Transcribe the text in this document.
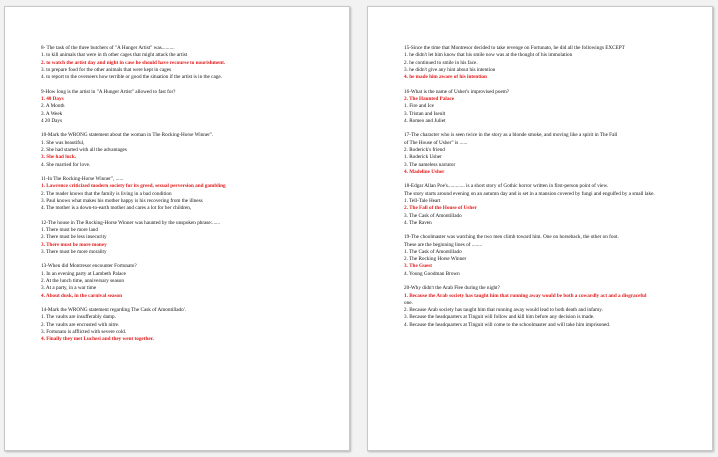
8- The task of the three butchers of "A Hunger Artist" was..........
1. to kill animals that were in th other cages that might attack the artist
2. to watch the artist day and night in case he should have recourse to nourishment.
3. to prepare food for the other animals that were kept in cages
4. to report to the overseers how terrible or good the situation if the artist is in the cage.
9-How long is the artist in "A Hunger Artist" allowed to fast for?
1. 40 Days
2. A Month
3. A Week
4 20 Days
10-Mark the WRONG statement about the woman in The Rocking-Horse Winner".
1. She was beautiful,
2. She had started with all the advantages
3. She had luck.
4. She married for love.
11-In The Rocking-Horse Winner", ......
1. Lawrence criticized modern society for its greed, sexual perversion and gambling
2. The reader knows that the family is living in a bad condition
3. Paul knows what makes his mother happy is his recovering from the illness
4. The mother is a down-to-earth mother and cares a lot for her children,
12-The house in The Rocking-Horse Winner was haunted by the unspoken phrase:......
1. There must be more land
2. There must be less insecurity
3. There must be more money
3. There must be more morality
13-When did Montresor encounter Fortunato?
1. In an evening party at Lambeth Palace
2. At the lunch time, anniversary season
3. At a party, in a war time
4. About dusk, in the carnival season
14-Mark the WRONG statement regarding The Cask of Amontillado'.
1. The vaults are insufferably damp.
2. The vaults are encrusted with nitre.
3. Fortunato is afflicted with severe cold.
4. Finally they met Luchesi and they went together.
15-Since the time that Montresor decided to take revenge on Fortunato, he did all the followings EXCEPT
1. he didn't let him know that his smile now was at the thought of his immolation
2. he continued to smile in his face.
3. he didn't give any hint about his intention
4. he made him aware of his intention
16-What is the name of Usher's improvised poem?
2. The Haunted Palace
1. Fire and Ice
3. Tristan and Iseult
4. Romeo and Juliet
17-The character who is seen twice in the story as a blonde smoke, and moving like a spirit in The Fall
of The House of Usher" is ......
2. Roderick's friend
1. Roderick Usher
3. The nameless narrator
4. Madeline Usher
18-Edgar Allan Poe's............. is a short story of Gothic horror written in first-person point of view.
The story starts around evening on an autumn day and is set in a mansion covered by fungi and engulfed by a small lake.
1. Tell-Tale Heart
2. The Fall of the House of Usher
3. The Cask of Amontillado
4. The Raven
19-The choolmaster was watching the two men climb toward him. One on horseback, the other on foot.
These are the beginning lines of ........
1. The Cask of Amontillado
2. The Rocking Horse Winner
3. The Guest
4. Young Goodman Brown
20-Why didn't the Arab Flee during the night?
1. Because the Arab society has taught him that running away would be both a cowardly act and a disgraceful
one.
2. Because Arab society has taught him that running away would lead to both death and infamy.
3. Because the headquarters at Tinguit will follow and kill him before any decision is made.
4. Because the headquarters at Tinguit will come to the schoolmaster and will take him imprisoned.
